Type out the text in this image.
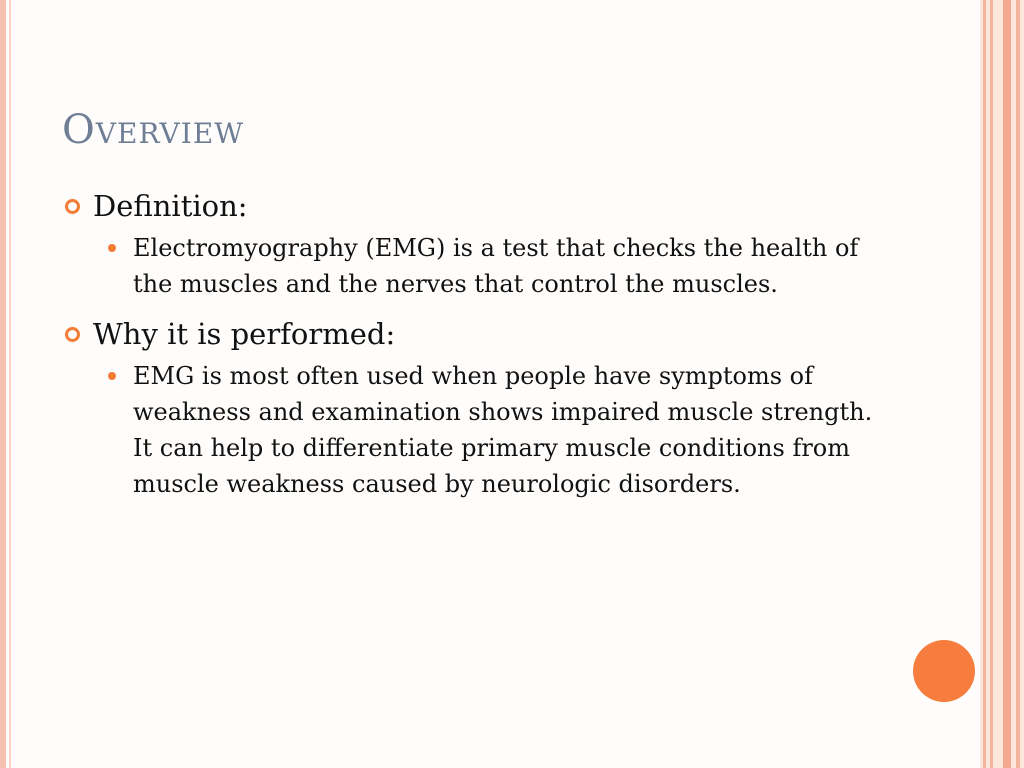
Overview
Definition:
Electromyography (EMG) is a test that checks the health of the muscles and the nerves that control the muscles.
Why it is performed:
EMG is most often used when people have symptoms of weakness and examination shows impaired muscle strength. It can help to differentiate primary muscle conditions from muscle weakness caused by neurologic disorders.
